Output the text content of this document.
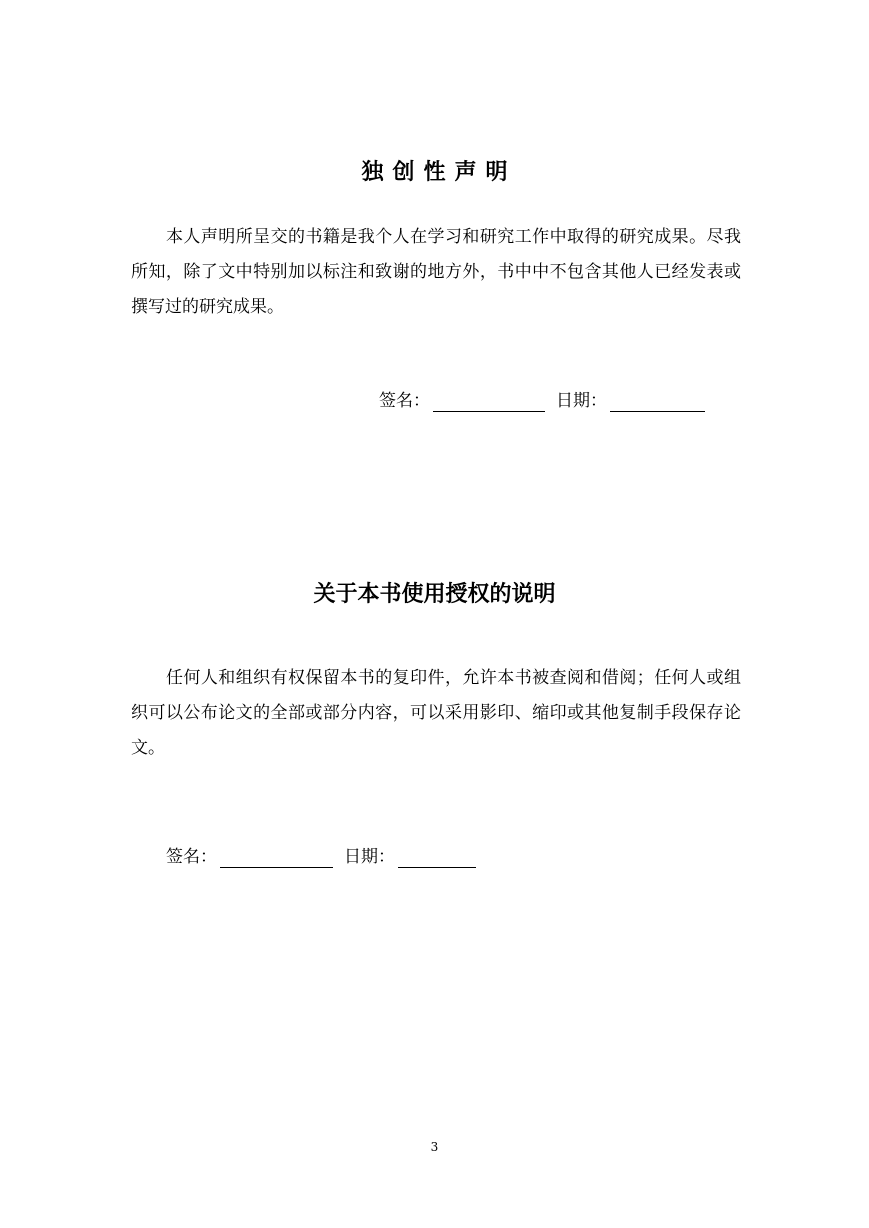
独创性声明

本人声明所呈交的书籍是我个人在学习和研究工作中取得的研究成果。尽我所知，除了文中特别加以标注和致谢的地方外，书中中不包含其他人已经发表或撰写过的研究成果。

签名：	日期：
关于本书使用授权的说明

任何人和组织有权保留本书的复印件，允许本书被查阅和借阅；任何人或组织可以公布论文的全部或部分内容，可以采用影印、缩印或其他复制手段保存论文。

签名：	日期：
3
